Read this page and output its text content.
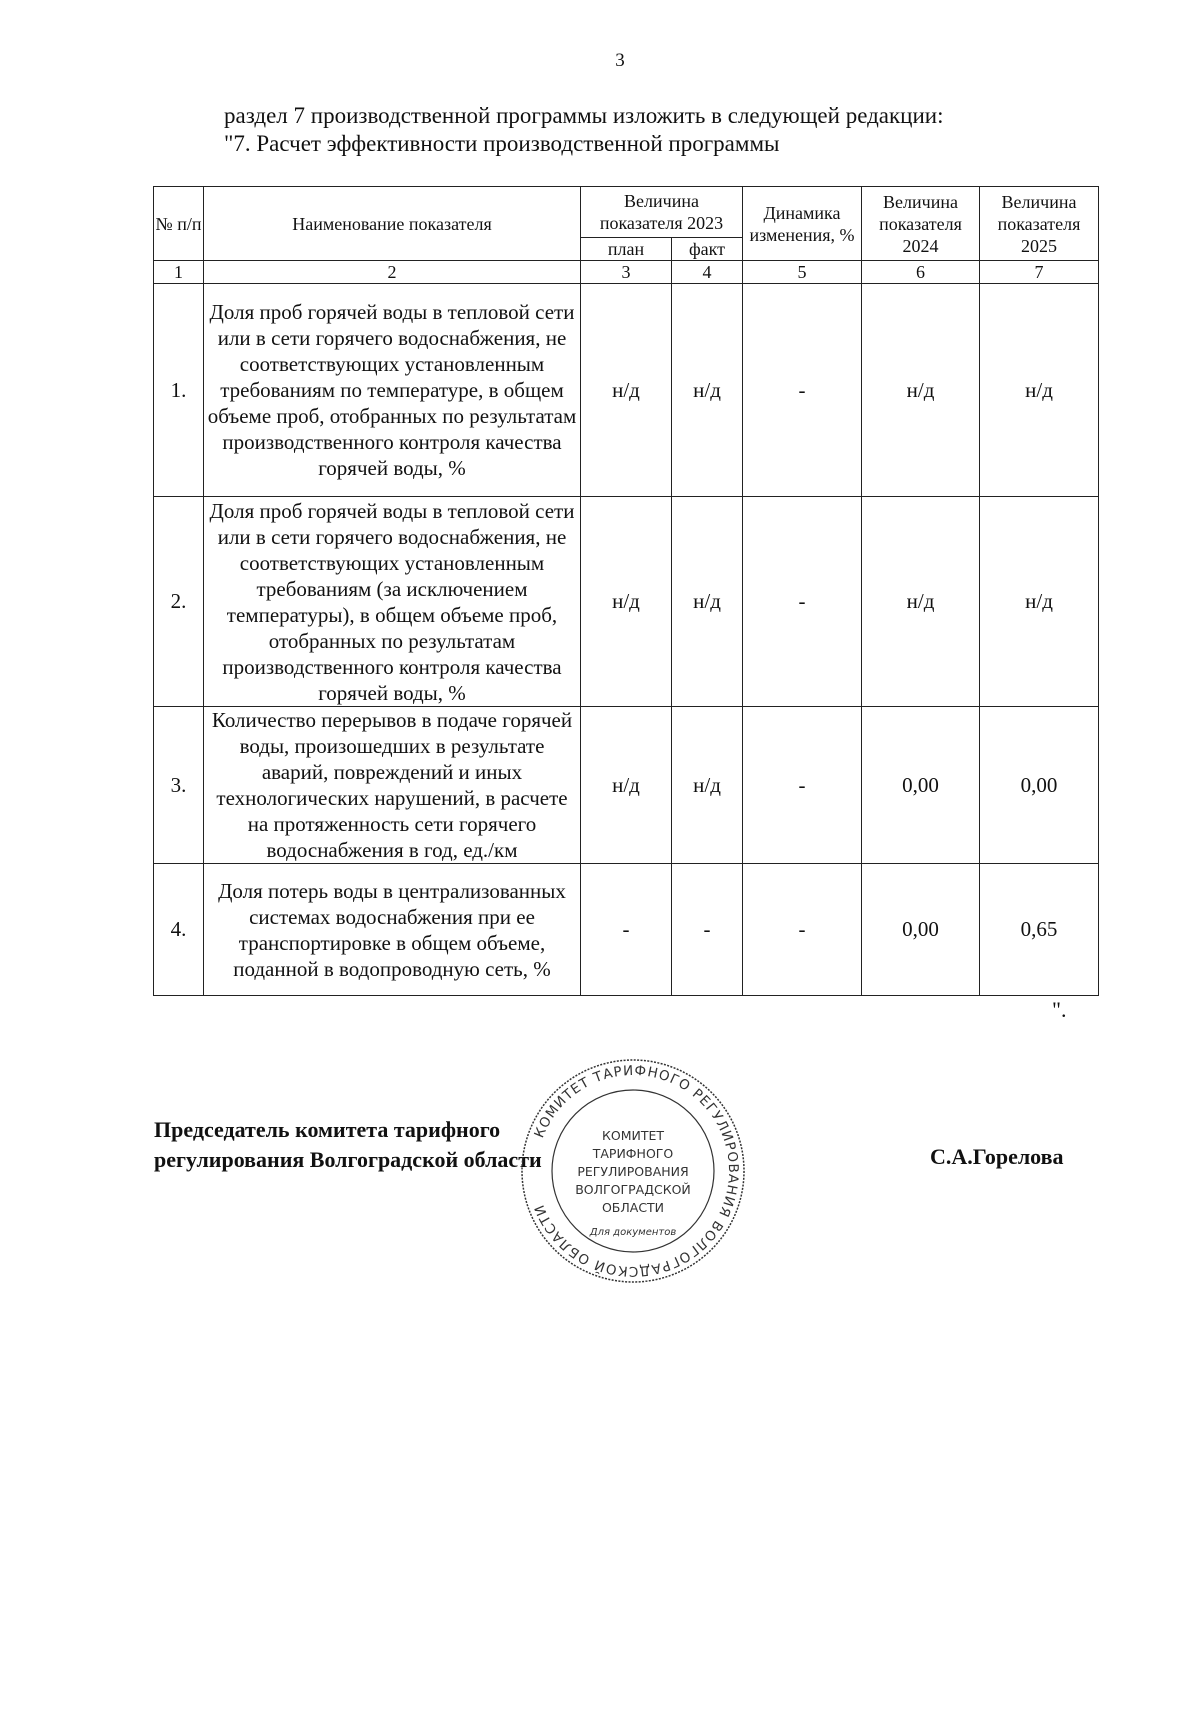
3
раздел 7 производственной программы изложить в следующей редакции:
"7. Расчет эффективности производственной программы
№ п/п	Наименование показателя	Величина показателя 2023		Динамика изменения, %	Величина показателя 2024	Величина показателя 2025
		план	факт			
1	2	3	4	5	6	7
1.	Доля проб горячей воды в тепловой сети или в сети горячего водоснабжения, не соответствующих установленным требованиям по температуре, в общем объеме проб, отобранных по результатам производственного контроля качества горячей воды, %	н/д	н/д	-	н/д	н/д
2.	Доля проб горячей воды в тепловой сети или в сети горячего водоснабжения, не соответствующих установленным требованиям (за исключением температуры), в общем объеме проб, отобранных по результатам производственного контроля качества горячей воды, %	н/д	н/д	-	н/д	н/д
3.	Количество перерывов в подаче горячей воды, произошедших в результате аварий, повреждений и иных технологических нарушений, в расчете на протяженность сети горячего водоснабжения в год, ед./км	н/д	н/д	-	0,00	0,00
4.	Доля потерь воды в централизованных системах водоснабжения при ее транспортировке в общем объеме, поданной в водопроводную сеть, %	-	-	-	0,00	0,65
".
Председатель комитета тарифного
регулирования Волгоградской области	С.А.Горелова
КОМИТЕТ ТАРИФНОГО РЕГУЛИРОВАНИЯ ВОЛГОГРАДСКОЙ ОБЛАСТИ
КОМИТЕТ
ТАРИФНОГО
РЕГУЛИРОВАНИЯ
ВОЛГОГРАДСКОЙ
ОБЛАСТИ
Для документов
